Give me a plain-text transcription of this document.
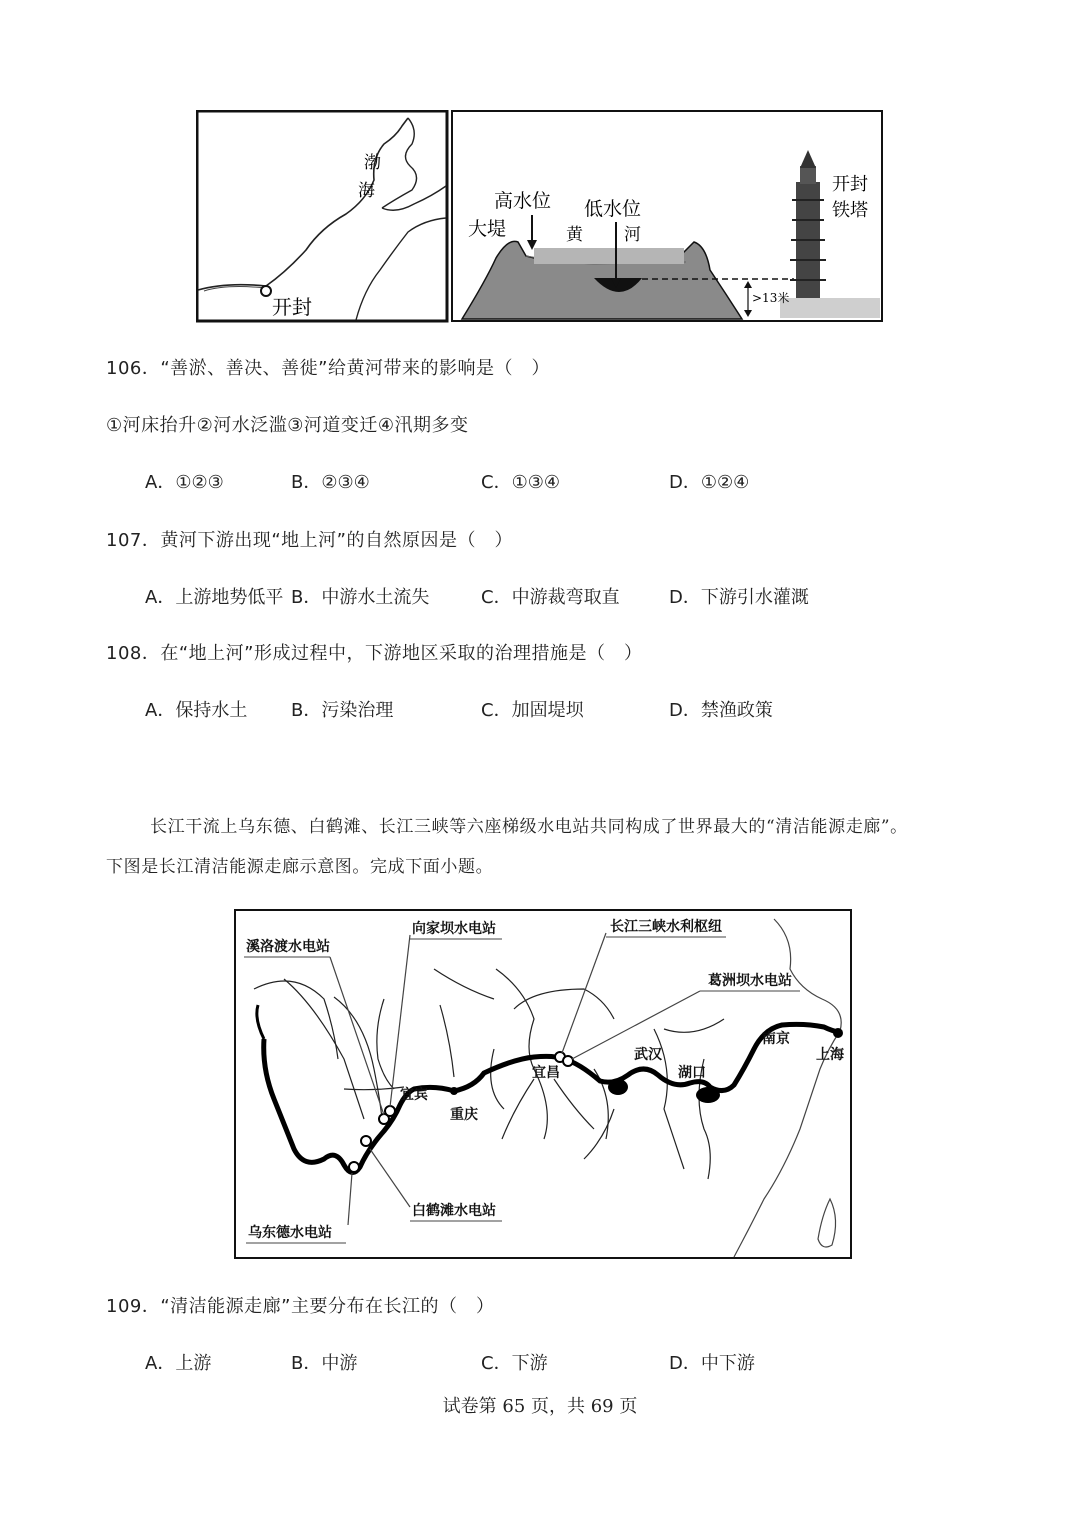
渤
海
开封
高水位 低水位
大堤	黄 河
开封
铁塔
>13米
106．“善淤、善决、善徙”给黄河带来的影响是（　）
①河床抬升②河水泛滥③河道变迁④汛期多变
A．①②③	B．②③④	C．①③④	D．①②④
107．黄河下游出现“地上河”的自然原因是（　）
A．上游地势低平 B．中游水土流失	C．中游裁弯取直	D．下游引水灌溉
108．在“地上河”形成过程中，下游地区采取的治理措施是（　）
A．保持水土 B．污染治理	C．加固堤坝	D．禁渔政策
长江干流上乌东德、白鹤滩、长江三峡等六座梯级水电站共同构成了世界最大的“清洁能源走廊”。
下图是长江清洁能源走廊示意图。完成下面小题。
溪洛渡水电站
向家坝水电站	长江三峡水利枢纽
葛洲坝水电站
白鹤滩水电站
乌东德水电站
宜宾
重庆
宜昌
武汉
湖口
南京
上海
109．“清洁能源走廊”主要分布在长江的（　）
A．上游	B．中游	C．下游	D．中下游
试卷第 65 页，共 69 页
